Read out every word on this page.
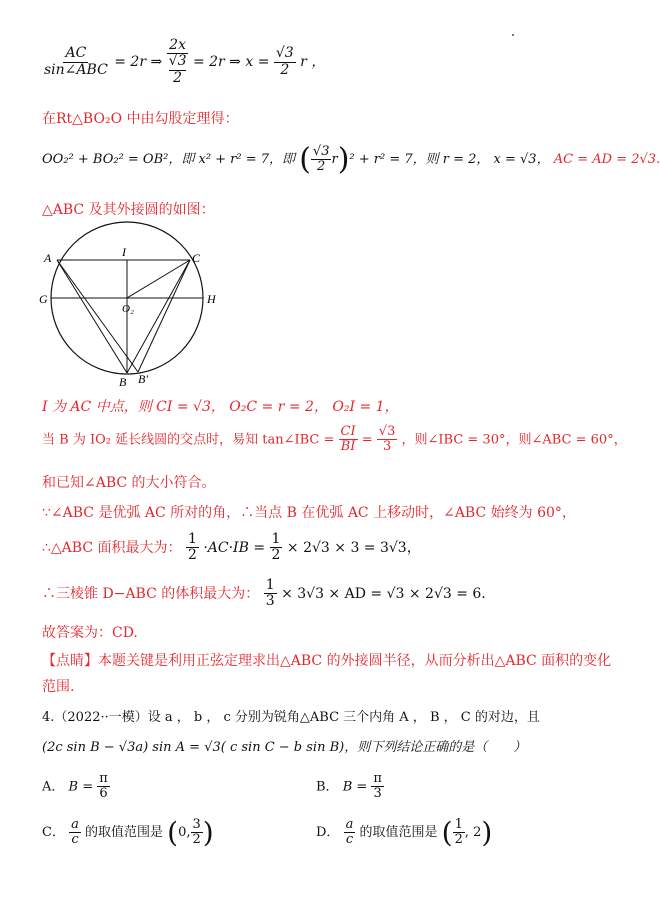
$\frac{AC}{\text{sin∠ABC}} = 2r$ ⇒ 2x
√3
2 = 2r ⇒ $x = \frac{√3}{2}$ r ，
在Rt△BO₂O 中由勾股定理得：
OO₂² + BO₂² = OB²，即 x² + r² = 7，即 ( $\frac{√3}{2} r)^2 + r^2 = 7$，则 r = 2， x = √3， AC = AD = 2√3.
△ABC 及其外接圆的如图：
A	I	C
G	H
O₂
B B′
I 为 AC 中点，则 CI = √3， O₂C = r = 2， O₂I = 1，
当 B 为 IO₂ 延长线圆的交点时，易知 tan∠IBC = $\frac{CI}{BI} = \frac{√3}{3}$ ，则∠IBC = 30°，则∠ABC = 60°，
和已知∠ABC 的大小符合。
∵∠ABC 是优弧 AC 所对的角，∴当点 B 在优弧 AC 上移动时，∠ABC 始终为 60°，
∴△ABC 面积最大为： $\frac{1}{2} \cdot AC\cdot IB = \frac{1}{2} \times 2√3 \times 3 = 3√3$，
∴三棱锥 D−ABC 的体积最大为： $\frac{1}{3} \times 3√3$ × AD = √3 × 2√3 = 6.
故答案为：CD.
【点睛】本题关键是利用正弦定理求出△ABC 的外接圆半径，从而分析出△ABC 面积的变化
范围.
4.（2022··一模）设 a ， b ， c 分别为锐角△ABC 三个内角 A ， B ， C 的对边，且
(2c sin B − √3a) sin A = √3( c sin C − b sin B)，则下列结论正确的是（　　）
A． $B = \frac{\pi}{6}$	B． $B = \frac{\pi}{3}$
C． $\frac{a}{c}$ 的取值范围是 (0, $\frac{3}{2}$ )	D． $\frac{a}{c}$ 的取值范围是 ( $\frac{1}{2}$ , 2)
